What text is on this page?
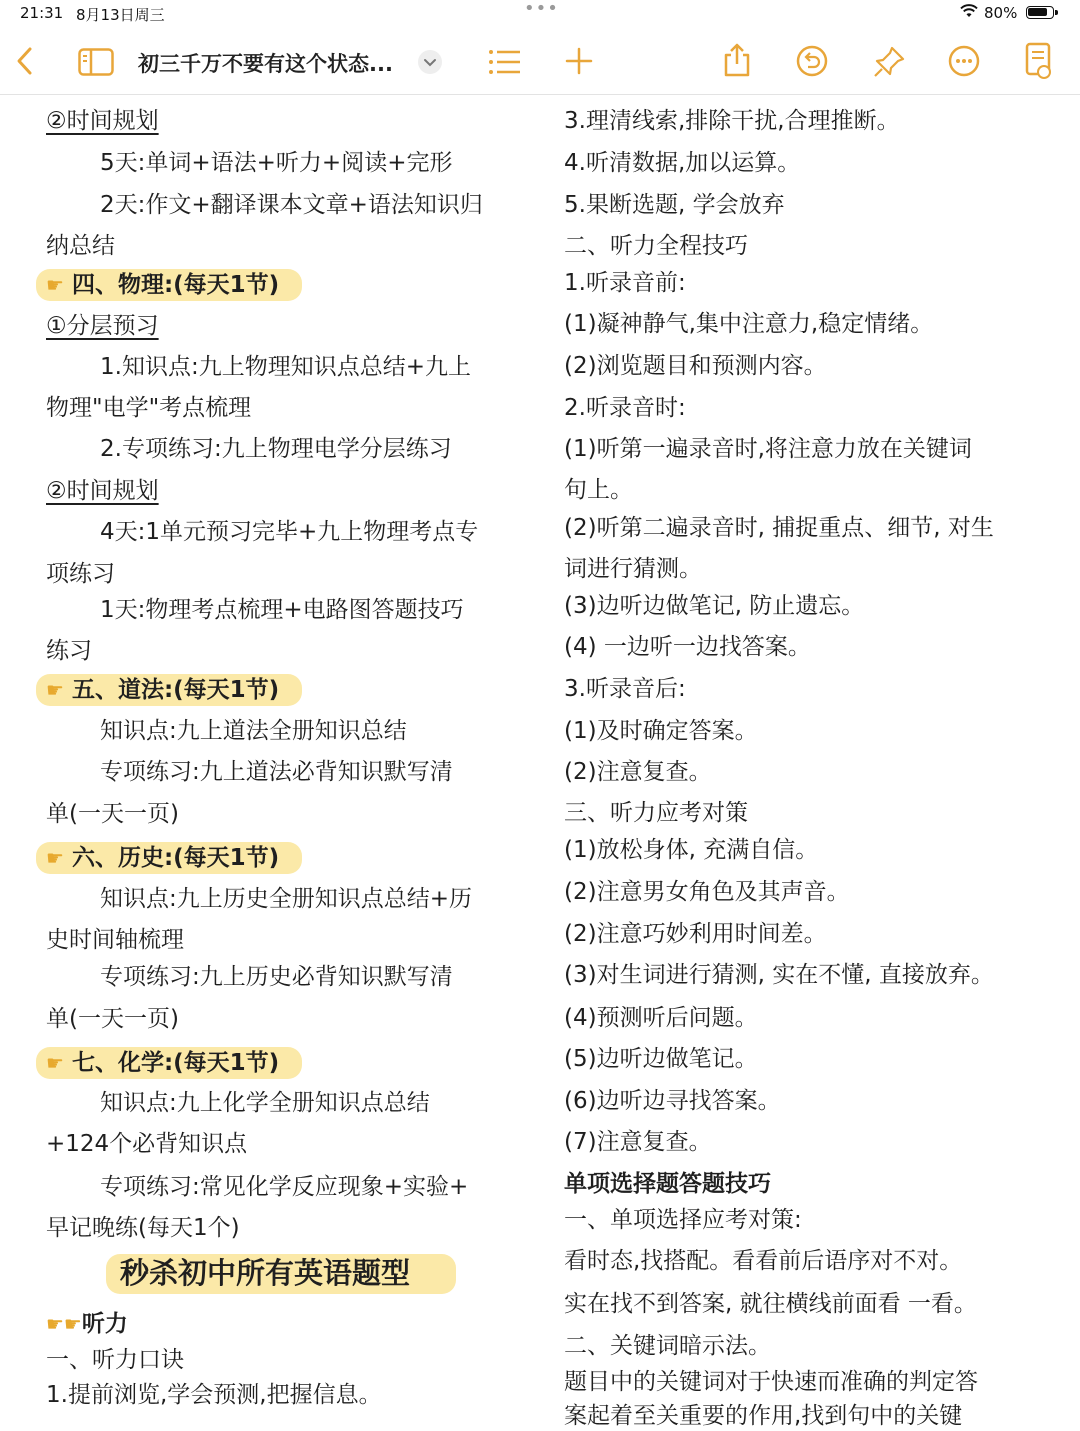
21:31 8月13日周三	•••	80%
初三千万不要有这个状态...
②时间规划
5天:单词+语法+听力+阅读+完形
2天:作文+翻译课本文章+语法知识归
纳总结
☛ 四、物理:(每天1节)
①分层预习
1.知识点:九上物理知识点总结+九上
物理"电学"考点梳理
2.专项练习:九上物理电学分层练习
②时间规划
4天:1单元预习完毕+九上物理考点专
项练习
1天:物理考点梳理+电路图答题技巧
练习
☛ 五、道法:(每天1节)
知识点:九上道法全册知识总结
专项练习:九上道法必背知识默写清
单(一天一页)
☛ 六、历史:(每天1节)
知识点:九上历史全册知识点总结+历
史时间轴梳理
专项练习:九上历史必背知识默写清
单(一天一页)
☛ 七、化学:(每天1节)
知识点:九上化学全册知识点总结
+124个必背知识点
专项练习:常见化学反应现象+实验+
早记晚练(每天1个)
秒杀初中所有英语题型
☛☛听力
一、听力口诀
1.提前浏览,学会预测,把握信息。
3.理清线索,排除干扰,合理推断。
4.听清数据,加以运算。
5.果断选题, 学会放弃
二、听力全程技巧
1.听录音前:
(1)凝神静气,集中注意力,稳定情绪。
(2)浏览题目和预测内容。
2.听录音时:
(1)听第一遍录音时,将注意力放在关键词
句上。
(2)听第二遍录音时, 捕捉重点、细节, 对生
词进行猜测。
(3)边听边做笔记, 防止遗忘。
(4) 一边听一边找答案。
3.听录音后:
(1)及时确定答案。
(2)注意复查。
三、听力应考对策
(1)放松身体, 充满自信。
(2)注意男女角色及其声音。
(2)注意巧妙利用时间差。
(3)对生词进行猜测, 实在不懂, 直接放弃。
(4)预测听后问题。
(5)边听边做笔记。
(6)边听边寻找答案。
(7)注意复查。
单项选择题答题技巧
一、单项选择应考对策:
看时态,找搭配。看看前后语序对不对。
实在找不到答案, 就往横线前面看 一看。
二、关键词暗示法。
题目中的关键词对于快速而准确的判定答
案起着至关重要的作用,找到句中的关键
